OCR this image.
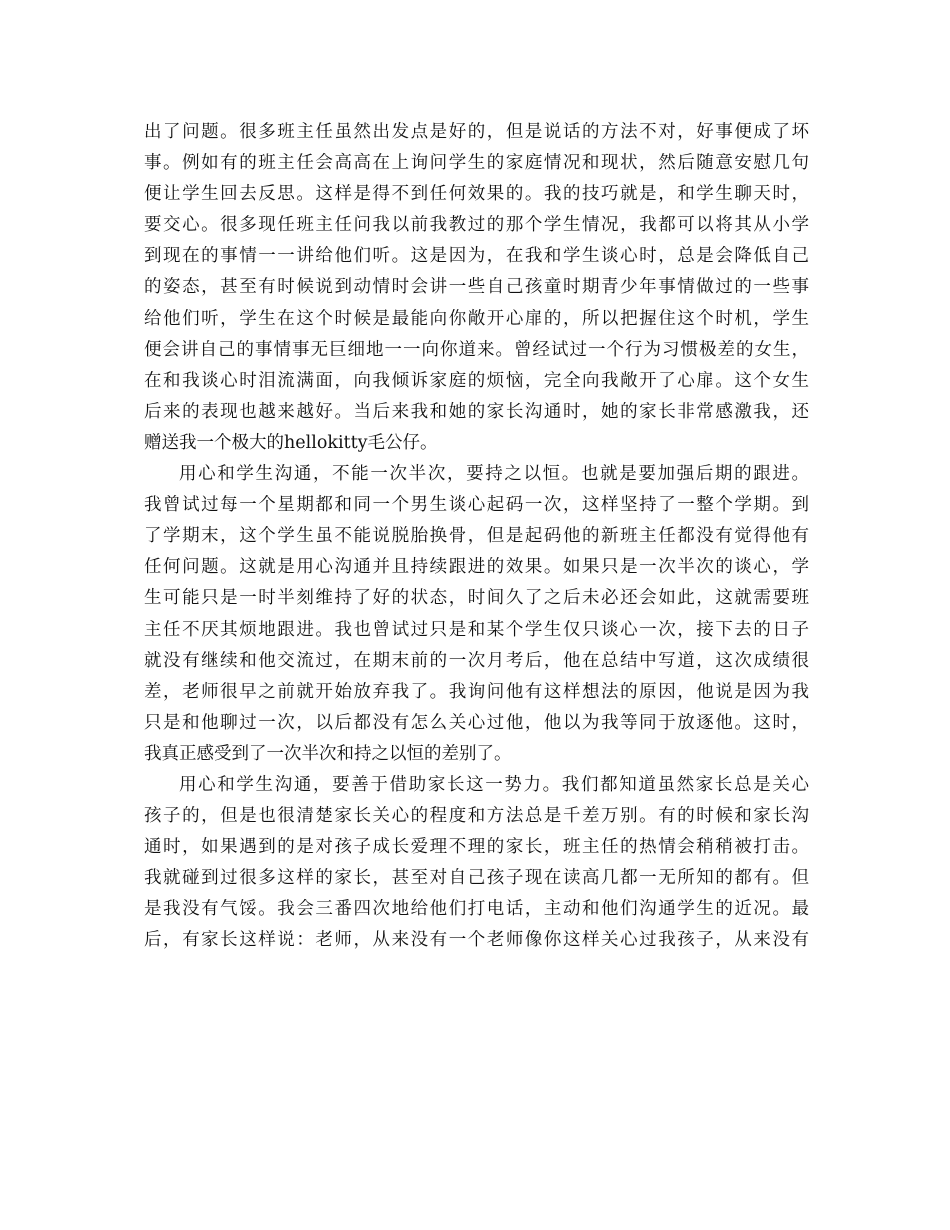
出了问题。很多班主任虽然出发点是好的，但是说话的方法不对，好事便成了坏
事。例如有的班主任会高高在上询问学生的家庭情况和现状，然后随意安慰几句
便让学生回去反思。这样是得不到任何效果的。我的技巧就是，和学生聊天时，
要交心。很多现任班主任问我以前我教过的那个学生情况，我都可以将其从小学
到现在的事情一一讲给他们听。这是因为，在我和学生谈心时，总是会降低自己
的姿态，甚至有时候说到动情时会讲一些自己孩童时期青少年事情做过的一些事
给他们听，学生在这个时候是最能向你敞开心扉的，所以把握住这个时机，学生
便会讲自己的事情事无巨细地一一向你道来。曾经试过一个行为习惯极差的女生，
在和我谈心时泪流满面，向我倾诉家庭的烦恼，完全向我敞开了心扉。这个女生
后来的表现也越来越好。当后来我和她的家长沟通时，她的家长非常感激我，还
赠送我一个极大的hellokitty毛公仔。
用心和学生沟通，不能一次半次，要持之以恒。也就是要加强后期的跟进。
我曾试过每一个星期都和同一个男生谈心起码一次，这样坚持了一整个学期。到
了学期末，这个学生虽不能说脱胎换骨，但是起码他的新班主任都没有觉得他有
任何问题。这就是用心沟通并且持续跟进的效果。如果只是一次半次的谈心，学
生可能只是一时半刻维持了好的状态，时间久了之后未必还会如此，这就需要班
主任不厌其烦地跟进。我也曾试过只是和某个学生仅只谈心一次，接下去的日子
就没有继续和他交流过，在期末前的一次月考后，他在总结中写道，这次成绩很
差，老师很早之前就开始放弃我了。我询问他有这样想法的原因，他说是因为我
只是和他聊过一次，以后都没有怎么关心过他，他以为我等同于放逐他。这时，
我真正感受到了一次半次和持之以恒的差别了。
用心和学生沟通，要善于借助家长这一势力。我们都知道虽然家长总是关心
孩子的，但是也很清楚家长关心的程度和方法总是千差万别。有的时候和家长沟
通时，如果遇到的是对孩子成长爱理不理的家长，班主任的热情会稍稍被打击。
我就碰到过很多这样的家长，甚至对自己孩子现在读高几都一无所知的都有。但
是我没有气馁。我会三番四次地给他们打电话，主动和他们沟通学生的近况。最
后，有家长这样说：老师，从来没有一个老师像你这样关心过我孩子，从来没有
